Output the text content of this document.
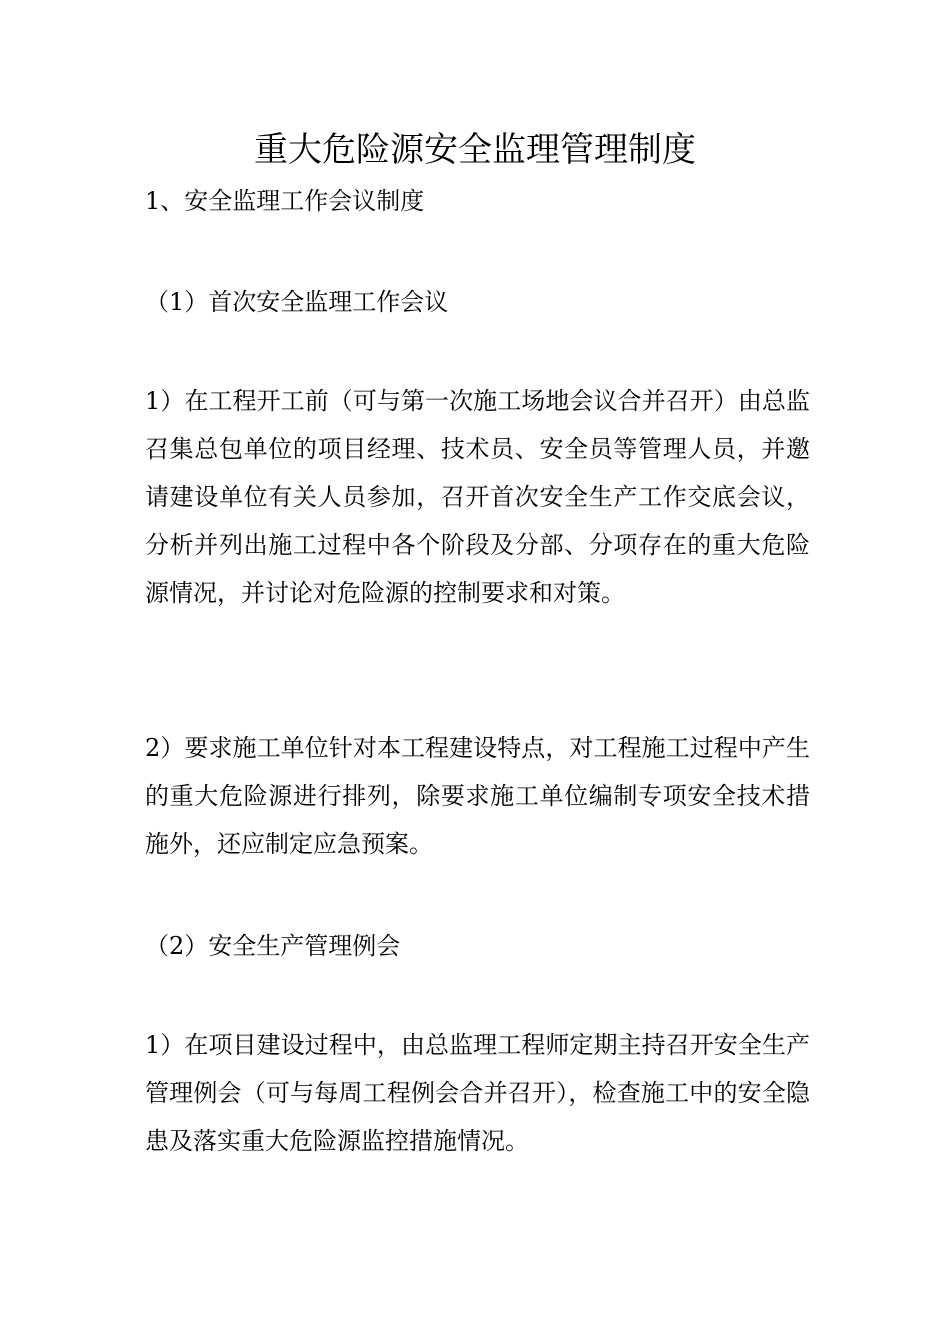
重大危险源安全监理管理制度

1、安全监理工作会议制度

（1）首次安全监理工作会议

1）在工程开工前（可与第一次施工场地会议合并召开）由总监召集总包单位的项目经理、技术员、安全员等管理人员，并邀请建设单位有关人员参加，召开首次安全生产工作交底会议，分析并列出施工过程中各个阶段及分部、分项存在的重大危险源情况，并讨论对危险源的控制要求和对策。

2）要求施工单位针对本工程建设特点，对工程施工过程中产生的重大危险源进行排列，除要求施工单位编制专项安全技术措施外，还应制定应急预案。

（2）安全生产管理例会

1）在项目建设过程中，由总监理工程师定期主持召开安全生产管理例会（可与每周工程例会合并召开），检查施工中的安全隐患及落实重大危险源监控措施情况。
